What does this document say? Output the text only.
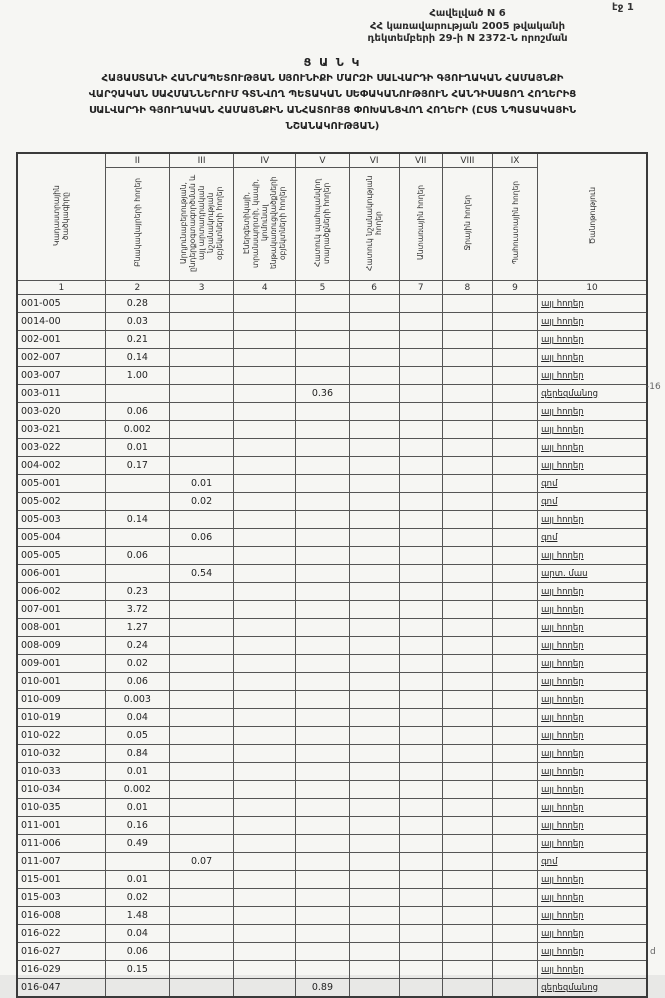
էջ 1
Հավելված N 6
ՀՀ կառավարության 2005 թվականի
դեկտեմբերի 29-ի N 2372-Ն որոշման
Ց Ա Ն Կ
ՀԱՅԱՍՏԱՆԻ ՀԱՆՐԱՊԵՏՈՒԹՅԱՆ ՍՅՈՒՆԻՔԻ ՄԱՐԶԻ ՍԱԼՎԱՐԴԻ ԳՅՈՒՂԱԿԱՆ ՀԱՄԱՅՆՔԻ
ՎԱՐՉԱԿԱՆ ՍԱՀՄԱՆՆԵՐՈՒՄ ԳՏՆՎՈՂ ՊԵՏԱԿԱՆ ՍԵՓԱԿԱՆՈՒԹՅՈՒՆ ՀԱՆԴԻՍԱՑՈՂ ՀՈՂԵՐԻՑ
ՍԱԼՎԱՐԴԻ ԳՅՈՒՂԱԿԱՆ ՀԱՄԱՅՆՔԻՆ ԱՆՀԱՏՈՒՅՑ ՓՈԽԱՆՑՎՈՂ ՀՈՂԵՐԻ (ԸՍՏ ՆՊԱՏԱԿԱՅԻՆ
ՆՇԱՆԱԿՈՒԹՅԱՆ)
Կադաստրային ծածկագիրը	II	III	IV	V	VI	VII	VIII	IX	Ծանոթություն
	Բնակավայրերի հողեր	Արդյունաբերության, ընդերքօգտագործման և այլ արտադրական նշանակության օբյեկտների հողեր	Էներգետիկայի, տրանսպորտի, կապի, կոմունալ ենթակառուցվածքների օբյեկտների հողեր	Հատուկ պահպանվող տարածքների հողեր	Հատուկ նշանակության հողեր	Անտառային հողեր	Ջրային հողեր	Պահուստային հողեր	
1	2	3	4	5	6	7	8	9	10
001-005	0.28								այլ հողեր
0014-00	0.03								այլ հողեր
002-001	0.21								այլ հողեր
002-007	0.14								այլ հողեր
003-007	1.00								այլ հողեր
003-011				0.36					գերեզմանոց
003-020	0.06								այլ հողեր
003-021	0.002								այլ հողեր
003-022	0.01								այլ հողեր
004-002	0.17								այլ հողեր
005-001		0.01							գոմ
005-002		0.02							գոմ
005-003	0.14								այլ հողեր
005-004		0.06							գոմ
005-005	0.06								այլ հողեր
006-001		0.54							արտ. մաս
006-002	0.23								այլ հողեր
007-001	3.72								այլ հողեր
008-001	1.27								այլ հողեր
008-009	0.24								այլ հողեր
009-001	0.02								այլ հողեր
010-001	0.06								այլ հողեր
010-009	0.003								այլ հողեր
010-019	0.04								այլ հողեր
010-022	0.05								այլ հողեր
010-032	0.84								այլ հողեր
010-033	0.01								այլ հողեր
010-034	0.002								այլ հողեր
010-035	0.01								այլ հողեր
011-001	0.16								այլ հողեր
011-006	0.49								այլ հողեր
011-007		0.07							գոմ
015-001	0.01								այլ հողեր
015-003	0.02								այլ հողեր
016-008	1.48								այլ հողեր
016-022	0.04								այլ հողեր
016-027	0.06								այլ հողեր
016-029	0.15								այլ հողեր
016-047				0.89					գերեզմանոց
-16
d
